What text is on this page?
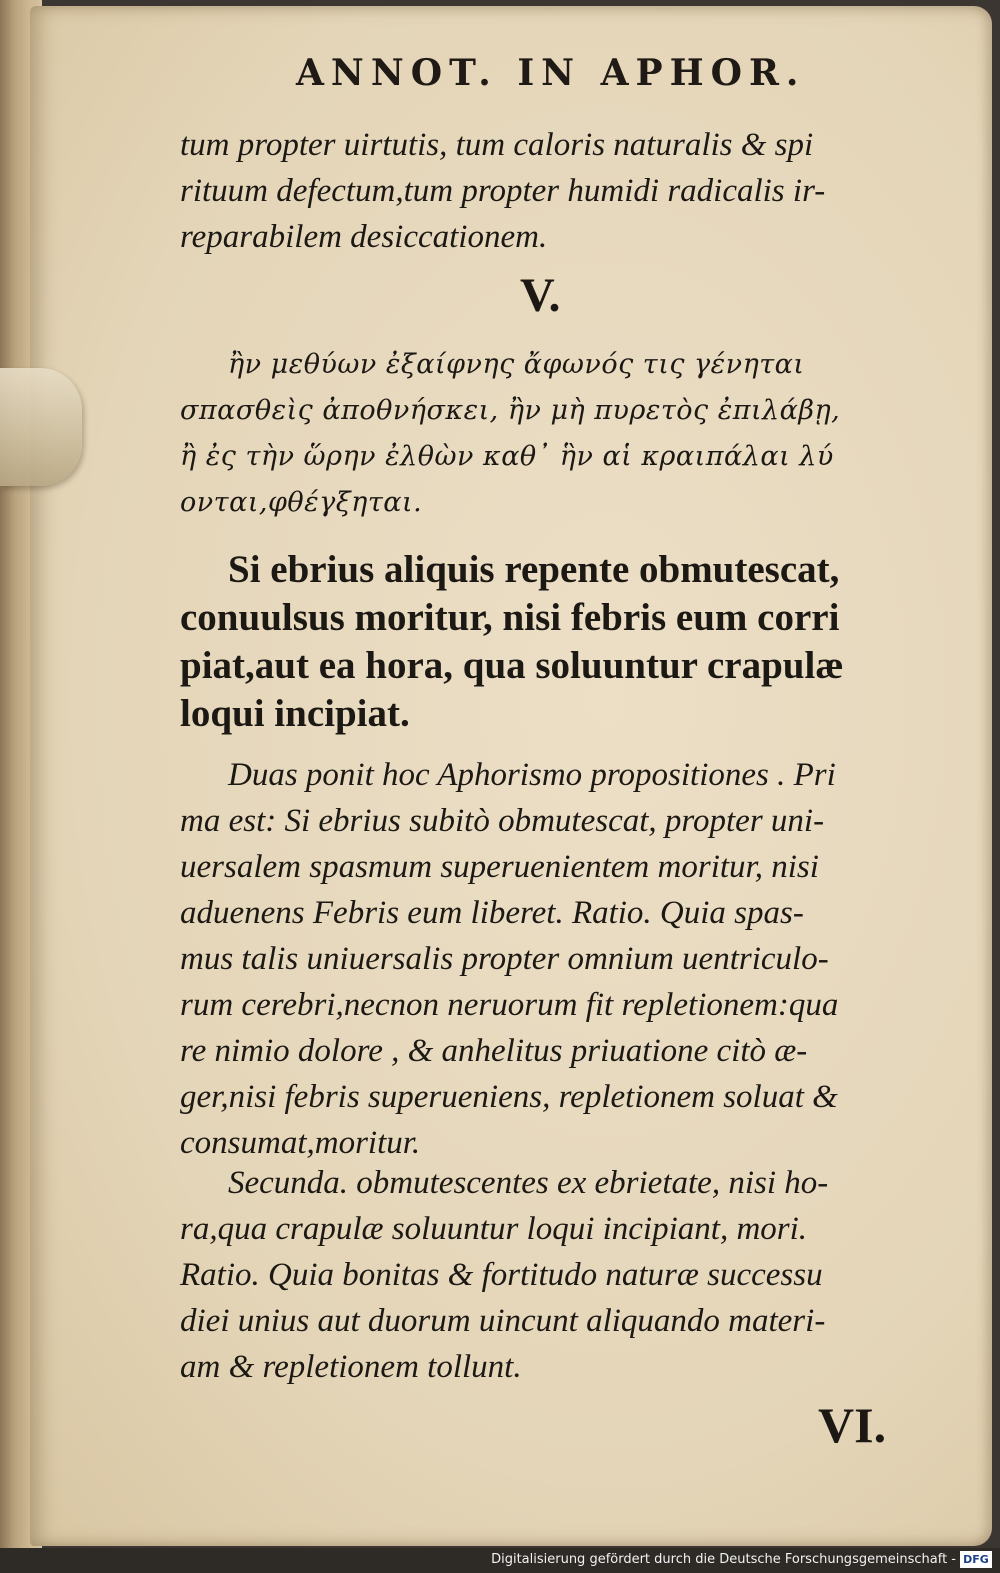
ANNOT. IN APHOR.
tum propter uirtutis, tum caloris naturalis & spi
rituum defectum,tum propter humidi radicalis ir-
reparabilem desiccationem.
V.
ἢν μεθύων ἐξαίφνης ἄφωνός τις γένηται
σπασθεὶς ἀποθνήσκει, ἢν μὴ πυρετὸς ἐπιλάβῃ,
ἢ ἐς τὴν ὥρην ἐλθὼν καθ᾽ ἣν αἱ κραιπάλαι λύ
ονται,φθέγξηται.
Si ebrius aliquis repente obmutescat,
conuulsus moritur, nisi febris eum corri
piat,aut ea hora, qua soluuntur crapulæ
loqui incipiat.
Duas ponit hoc Aphorismo propositiones . Pri
ma est: Si ebrius subitò obmutescat, propter uni-
uersalem spasmum superuenientem moritur, nisi
aduenens Febris eum liberet. Ratio. Quia spas-
mus talis uniuersalis propter omnium uentriculo-
rum cerebri,necnon neruorum fit repletionem:qua
re nimio dolore , & anhelitus priuatione citò æ-
ger,nisi febris superueniens, repletionem soluat &
consumat,moritur.
Secunda. obmutescentes ex ebrietate, nisi ho-
ra,qua crapulæ soluuntur loqui incipiant, mori.
Ratio. Quia bonitas & fortitudo naturæ successu
diei unius aut duorum uincunt aliquando materi-
am & repletionem tollunt.
VI.
Digitalisierung gefördert durch die Deutsche Forschungsgemeinschaft - DFG
